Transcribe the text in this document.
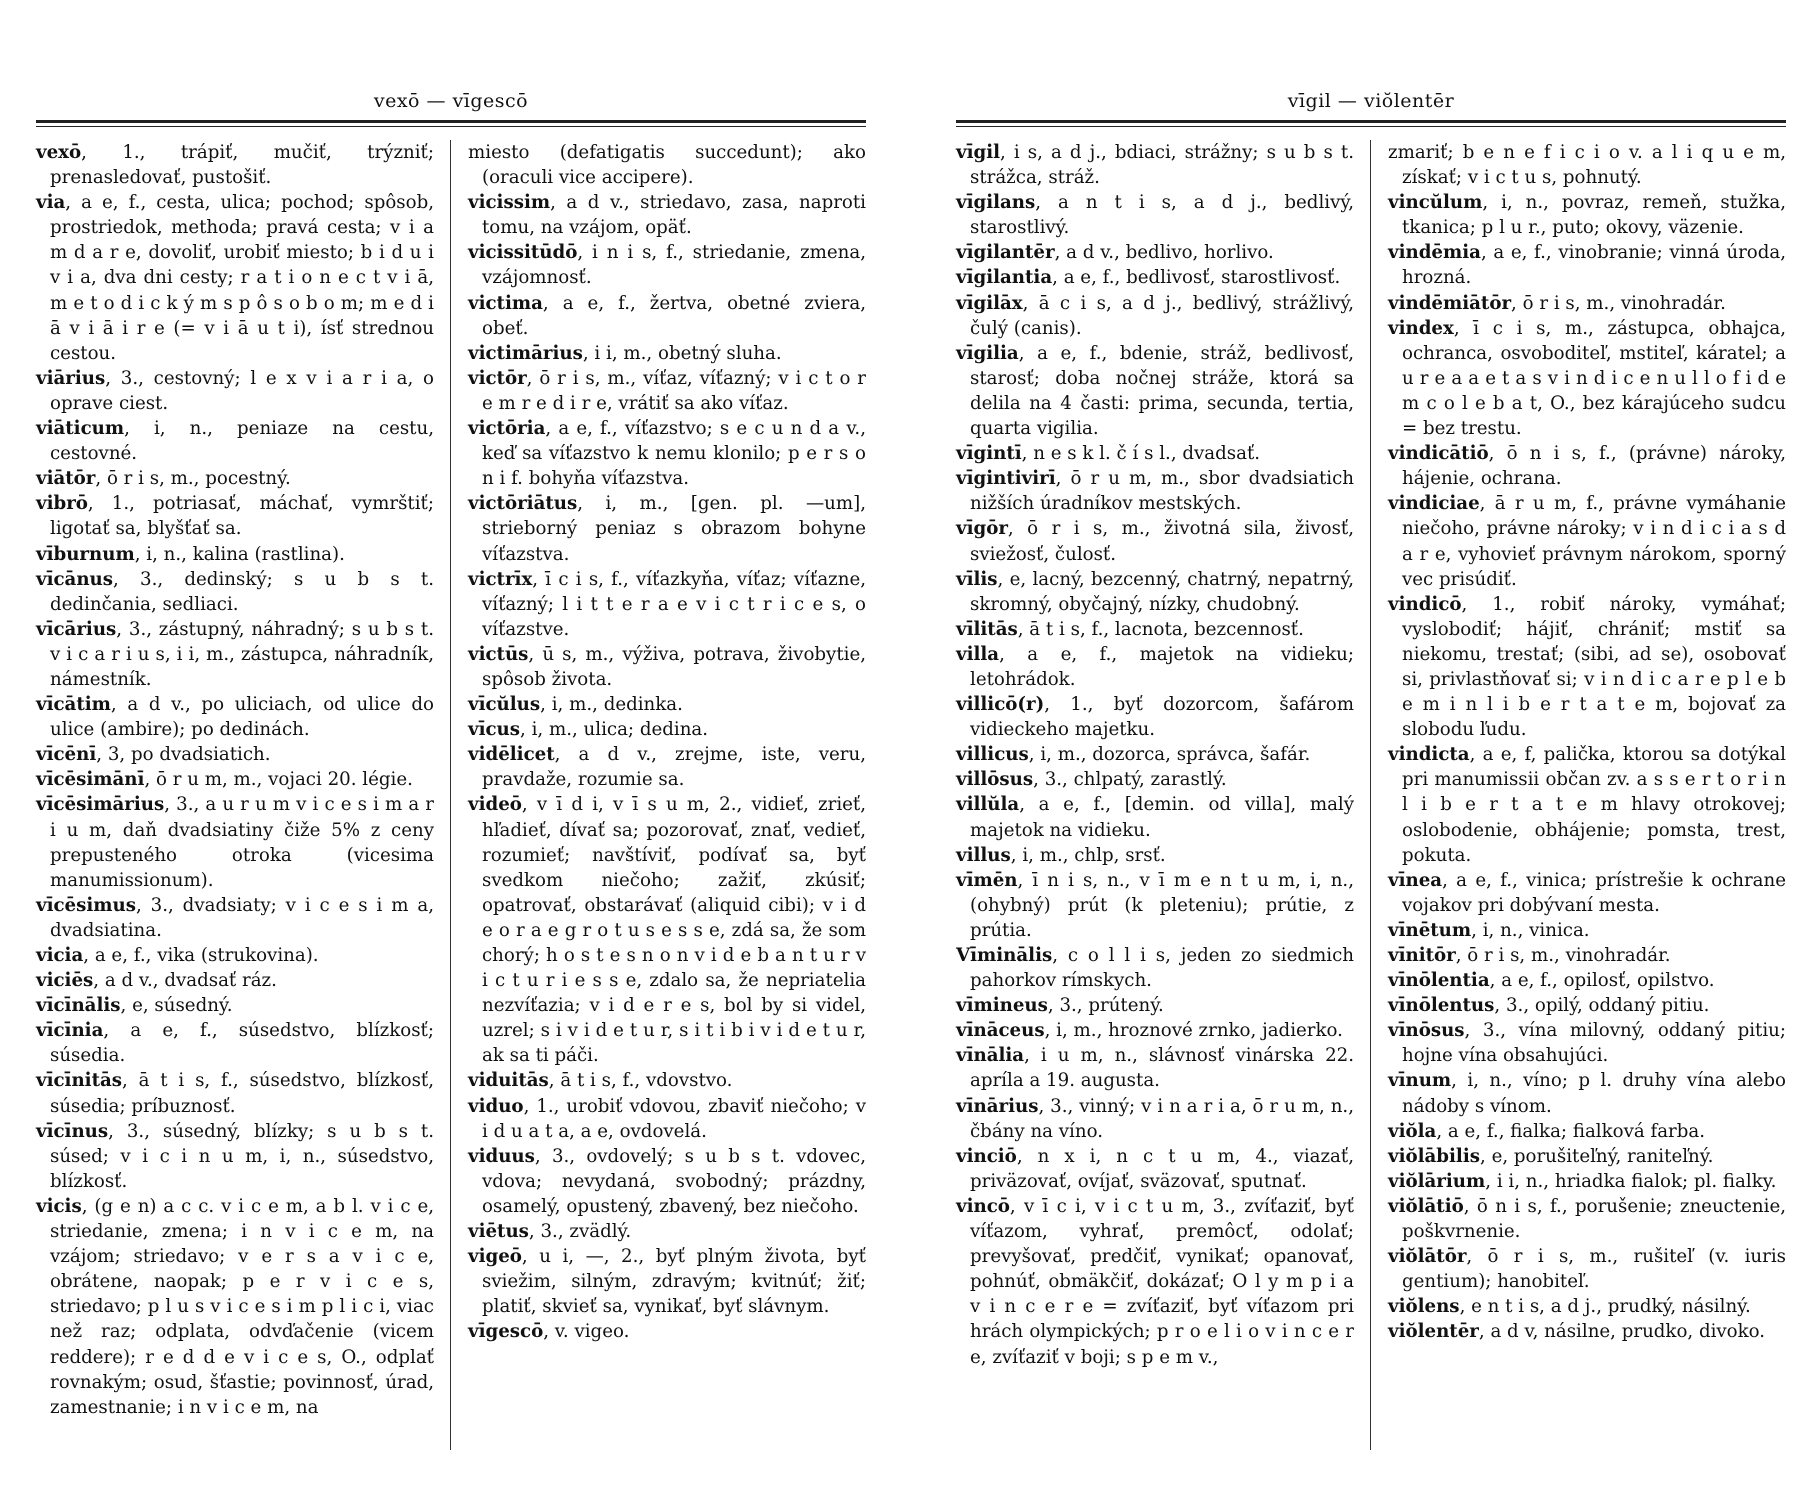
vexō — vīgescō

vexō, 1., trápiť, mučiť, trýzniť; prenasledovať, pustošiť.

via, a e, f., cesta, ulica; pochod; spôsob, prostriedok, methoda; pravá cesta; v i a m d a r e, dovoliť, urobiť miesto; b i d u i v i a, dva dni cesty; r a t i o n e c t v i ā, m e t o d i c k ý m s p ô s o b o m; m e d i ā v i ā i r e (= v i ā u t i), ísť strednou cestou.

viārius, 3., cestovný; l e x v i a r i a, o oprave ciest.

viāticum, i, n., peniaze na cestu, cestovné.

viātōr, ō r i s, m., pocestný.

vibrō, 1., potriasať, máchať, vymrštiť; ligotať sa, blyšťať sa.

vīburnum, i, n., kalina (rastlina).

vīcānus, 3., dedinský; s u b s t. dedinčania, sedliaci.

vīcārius, 3., zástupný, náhradný; s u b s t. v i c a r i u s, i i, m., zástupca, náhradník, námestník.

vīcātim, a d v., po uliciach, od ulice do ulice (ambire); po dedinách.

vīcēnī, 3, po dvadsiatich.

vīcēsimānī, ō r u m, m., vojaci 20. légie.

vīcēsimārius, 3., a u r u m v i c e s i m a r i u m, daň dvadsiatiny čiže 5% z ceny prepusteného otroka (vicesima manumissionum).

vīcēsimus, 3., dvadsiaty; v i c e s i m a, dvadsiatina.

vicia, a e, f., vika (strukovina).

viciēs, a d v., dvadsať ráz.

vīcīnālis, e, súsedný.

vīcīnia, a e, f., súsedstvo, blízkosť; súsedia.

vīcīnitās, ā t i s, f., súsedstvo, blízkosť, súsedia; príbuznosť.

vīcīnus, 3., súsedný, blízky; s u b s t. súsed; v i c i n u m, i, n., súsedstvo, blízkosť.

vicis, (g e n) a c c. v i c e m, a b l. v i c e, striedanie, zmena; i n v i c e m, na vzájom; striedavo; v e r s a v i c e, obrátene, naopak; p e r v i c e s, striedavo; p l u s v i c e s i m p l i c i, viac než raz; odplata, odvďačenie (vicem reddere); r e d d e v i c e s, O., odplať rovnakým; osud, šťastie; povinnosť, úrad, zamestnanie; i n v i c e m, na

miesto (defatigatis succedunt); ako (oraculi vice accipere).

vicissim, a d v., striedavo, zasa, naproti tomu, na vzájom, opäť.

vicissitūdō, i n i s, f., striedanie, zmena, vzájomnosť.

victima, a e, f., žertva, obetné zviera, obeť.

victimārius, i i, m., obetný sluha.

victōr, ō r i s, m., víťaz, víťazný; v i c t o r e m r e d i r e, vrátiť sa ako víťaz.

victōria, a e, f., víťazstvo; s e c u n d a v., keď sa víťazstvo k nemu klonilo; p e r s o n i f. bohyňa víťazstva.

victōriātus, i, m., [gen. pl. —um], strieborný peniaz s obrazom bohyne víťazstva.

victrīx, ī c i s, f., víťazkyňa, víťaz; víťazne, víťazný; l i t t e r a e v i c t r i c e s, o víťazstve.

victūs, ū s, m., výživa, potrava, živobytie, spôsob života.

vīcŭlus, i, m., dedinka.

vīcus, i, m., ulica; dedina.

vidēlicet, a d v., zrejme, iste, veru, pravdaže, rozumie sa.

videō, v ī d i, v ī s u m, 2., vidieť, zrieť, hľadieť, dívať sa; pozorovať, znať, vedieť, rozumieť; navštíviť, podívať sa, byť svedkom niečoho; zažiť, zkúsiť; opatrovať, obstarávať (aliquid cibi); v i d e o r a e g r o t u s e s s e, zdá sa, že som chorý; h o s t e s n o n v i d e b a n t u r v i c t u r i e s s e, zdalo sa, že nepriatelia nezvíťazia; v i d e r e s, bol by si videl, uzrel; s i v i d e t u r, s i t i b i v i d e t u r, ak sa ti páči.

viduitās, ā t i s, f., vdovstvo.

viduo, 1., urobiť vdovou, zbaviť niečoho; v i d u a t a, a e, ovdovelá.

viduus, 3., ovdovelý; s u b s t. vdovec, vdova; nevydaná, svobodný; prázdny, osamelý, opustený, zbavený, bez niečoho.

viētus, 3., zvädlý.

vigeō, u i, —, 2., byť plným života, byť sviežim, silným, zdravým; kvitnúť; žiť; platiť, skvieť sa, vynikať, byť slávnym.

vīgescō, v. vigeo.

vīgil — viŏlentēr

vīgil, i s, a d j., bdiaci, strážny; s u b s t. strážca, stráž.

vīgilans, a n t i s, a d j., bedlivý, starostlivý.

vīgilantēr, a d v., bedlivo, horlivo.

vīgilantia, a e, f., bedlivosť, starostlivosť.

vīgilāx, ā c i s, a d j., bedlivý, strážlivý, čulý (canis).

vīgilia, a e, f., bdenie, stráž, bedlivosť, starosť; doba nočnej stráže, ktorá sa delila na 4 časti: prima, secunda, tertia, quarta vigilia.

vīgintī, n e s k l. č í s l., dvadsať.

vīgintivirī, ō r u m, m., sbor dvadsiatich nižších úradníkov mestských.

vīgōr, ō r i s, m., životná sila, živosť, sviežosť, čulosť.

vīlis, e, lacný, bezcenný, chatrný, nepatrný, skromný, obyčajný, nízky, chudobný.

vīlitās, ā t i s, f., lacnota, bezcennosť.

villa, a e, f., majetok na vidieku; letohrádok.

villicō(r), 1., byť dozorcom, šafárom vidieckeho majetku.

villicus, i, m., dozorca, správca, šafár.

villōsus, 3., chlpatý, zarastlý.

villŭla, a e, f., [demin. od villa], malý majetok na vidieku.

villus, i, m., chlp, srsť.

vīmēn, ī n i s, n., v ī m e n t u m, i, n., (ohybný) prút (k pleteniu); prútie, z prútia.

Vīminālis, c o l l i s, jeden zo siedmich pahorkov rímskych.

vīmineus, 3., prútený.

vīnāceus, i, m., hroznové zrnko, jadierko.

vīnālia, i u m, n., slávnosť vinárska 22. apríla a 19. augusta.

vīnārius, 3., vinný; v i n a r i a, ō r u m, n., čbány na víno.

vinciō, n x i, n c t u m, 4., viazať, priväzovať, ovíjať, sväzovať, sputnať.

vincō, v ī c i, v i c t u m, 3., zvíťaziť, byť víťazom, vyhrať, premôcť, odolať; prevyšovať, predčiť, vynikať; opanovať, pohnúť, obmäkčiť, dokázať; O l y m p i a v i n c e r e = zvíťaziť, byť víťazom pri hrách olympických; p r o e l i o v i n c e r e, zvíťaziť v boji; s p e m v.,

zmariť; b e n e f i c i o v. a l i q u e m, získať; v i c t u s, pohnutý.

vincŭlum, i, n., povraz, remeň, stužka, tkanica; p l u r., puto; okovy, väzenie.

vindēmia, a e, f., vinobranie; vinná úroda, hrozná.

vindēmiātōr, ō r i s, m., vinohradár.

vindex, ī c i s, m., zástupca, obhajca, ochranca, osvoboditeľ, mstiteľ, káratel; a u r e a a e t a s v i n d i c e n u l l o f i d e m c o l e b a t, O., bez kárajúceho sudcu = bez trestu.

vindicātiō, ō n i s, f., (právne) nároky, hájenie, ochrana.

vindiciae, ā r u m, f., právne vymáhanie niečoho, právne nároky; v i n d i c i a s d a r e, vyhovieť právnym nárokom, sporný vec prisúdiť.

vindicō, 1., robiť nároky, vymáhať; vyslobodiť; hájiť, chrániť; mstiť sa niekomu, trestať; (sibi, ad se), osobovať si, privlastňovať si; v i n d i c a r e p l e b e m i n l i b e r t a t e m, bojovať za slobodu ľudu.

vindicta, a e, f, palička, ktorou sa dotýkal pri manumissii občan zv. a s s e r t o r i n l i b e r t a t e m hlavy otrokovej; oslobodenie, obhájenie; pomsta, trest, pokuta.

vīnea, a e, f., vinica; prístrešie k ochrane vojakov pri dobývaní mesta.

vīnētum, i, n., vinica.

vīnitōr, ō r i s, m., vinohradár.

vīnōlentia, a e, f., opilosť, opilstvo.

vīnōlentus, 3., opilý, oddaný pitiu.

vīnōsus, 3., vína milovný, oddaný pitiu; hojne vína obsahujúci.

vīnum, i, n., víno; p l. druhy vína alebo nádoby s vínom.

viŏla, a e, f., fialka; fialková farba.

viŏlābilis, e, porušiteľný, raniteľný.

viŏlārium, i i, n., hriadka fialok; pl. fialky.

viŏlātiō, ō n i s, f., porušenie; zneuctenie, poškvrnenie.

viŏlātōr, ō r i s, m., rušiteľ (v. iuris gentium); hanobiteľ.

viŏlens, e n t i s, a d j., prudký, násilný.

viŏlentēr, a d v, násilne, prudko, divoko.
